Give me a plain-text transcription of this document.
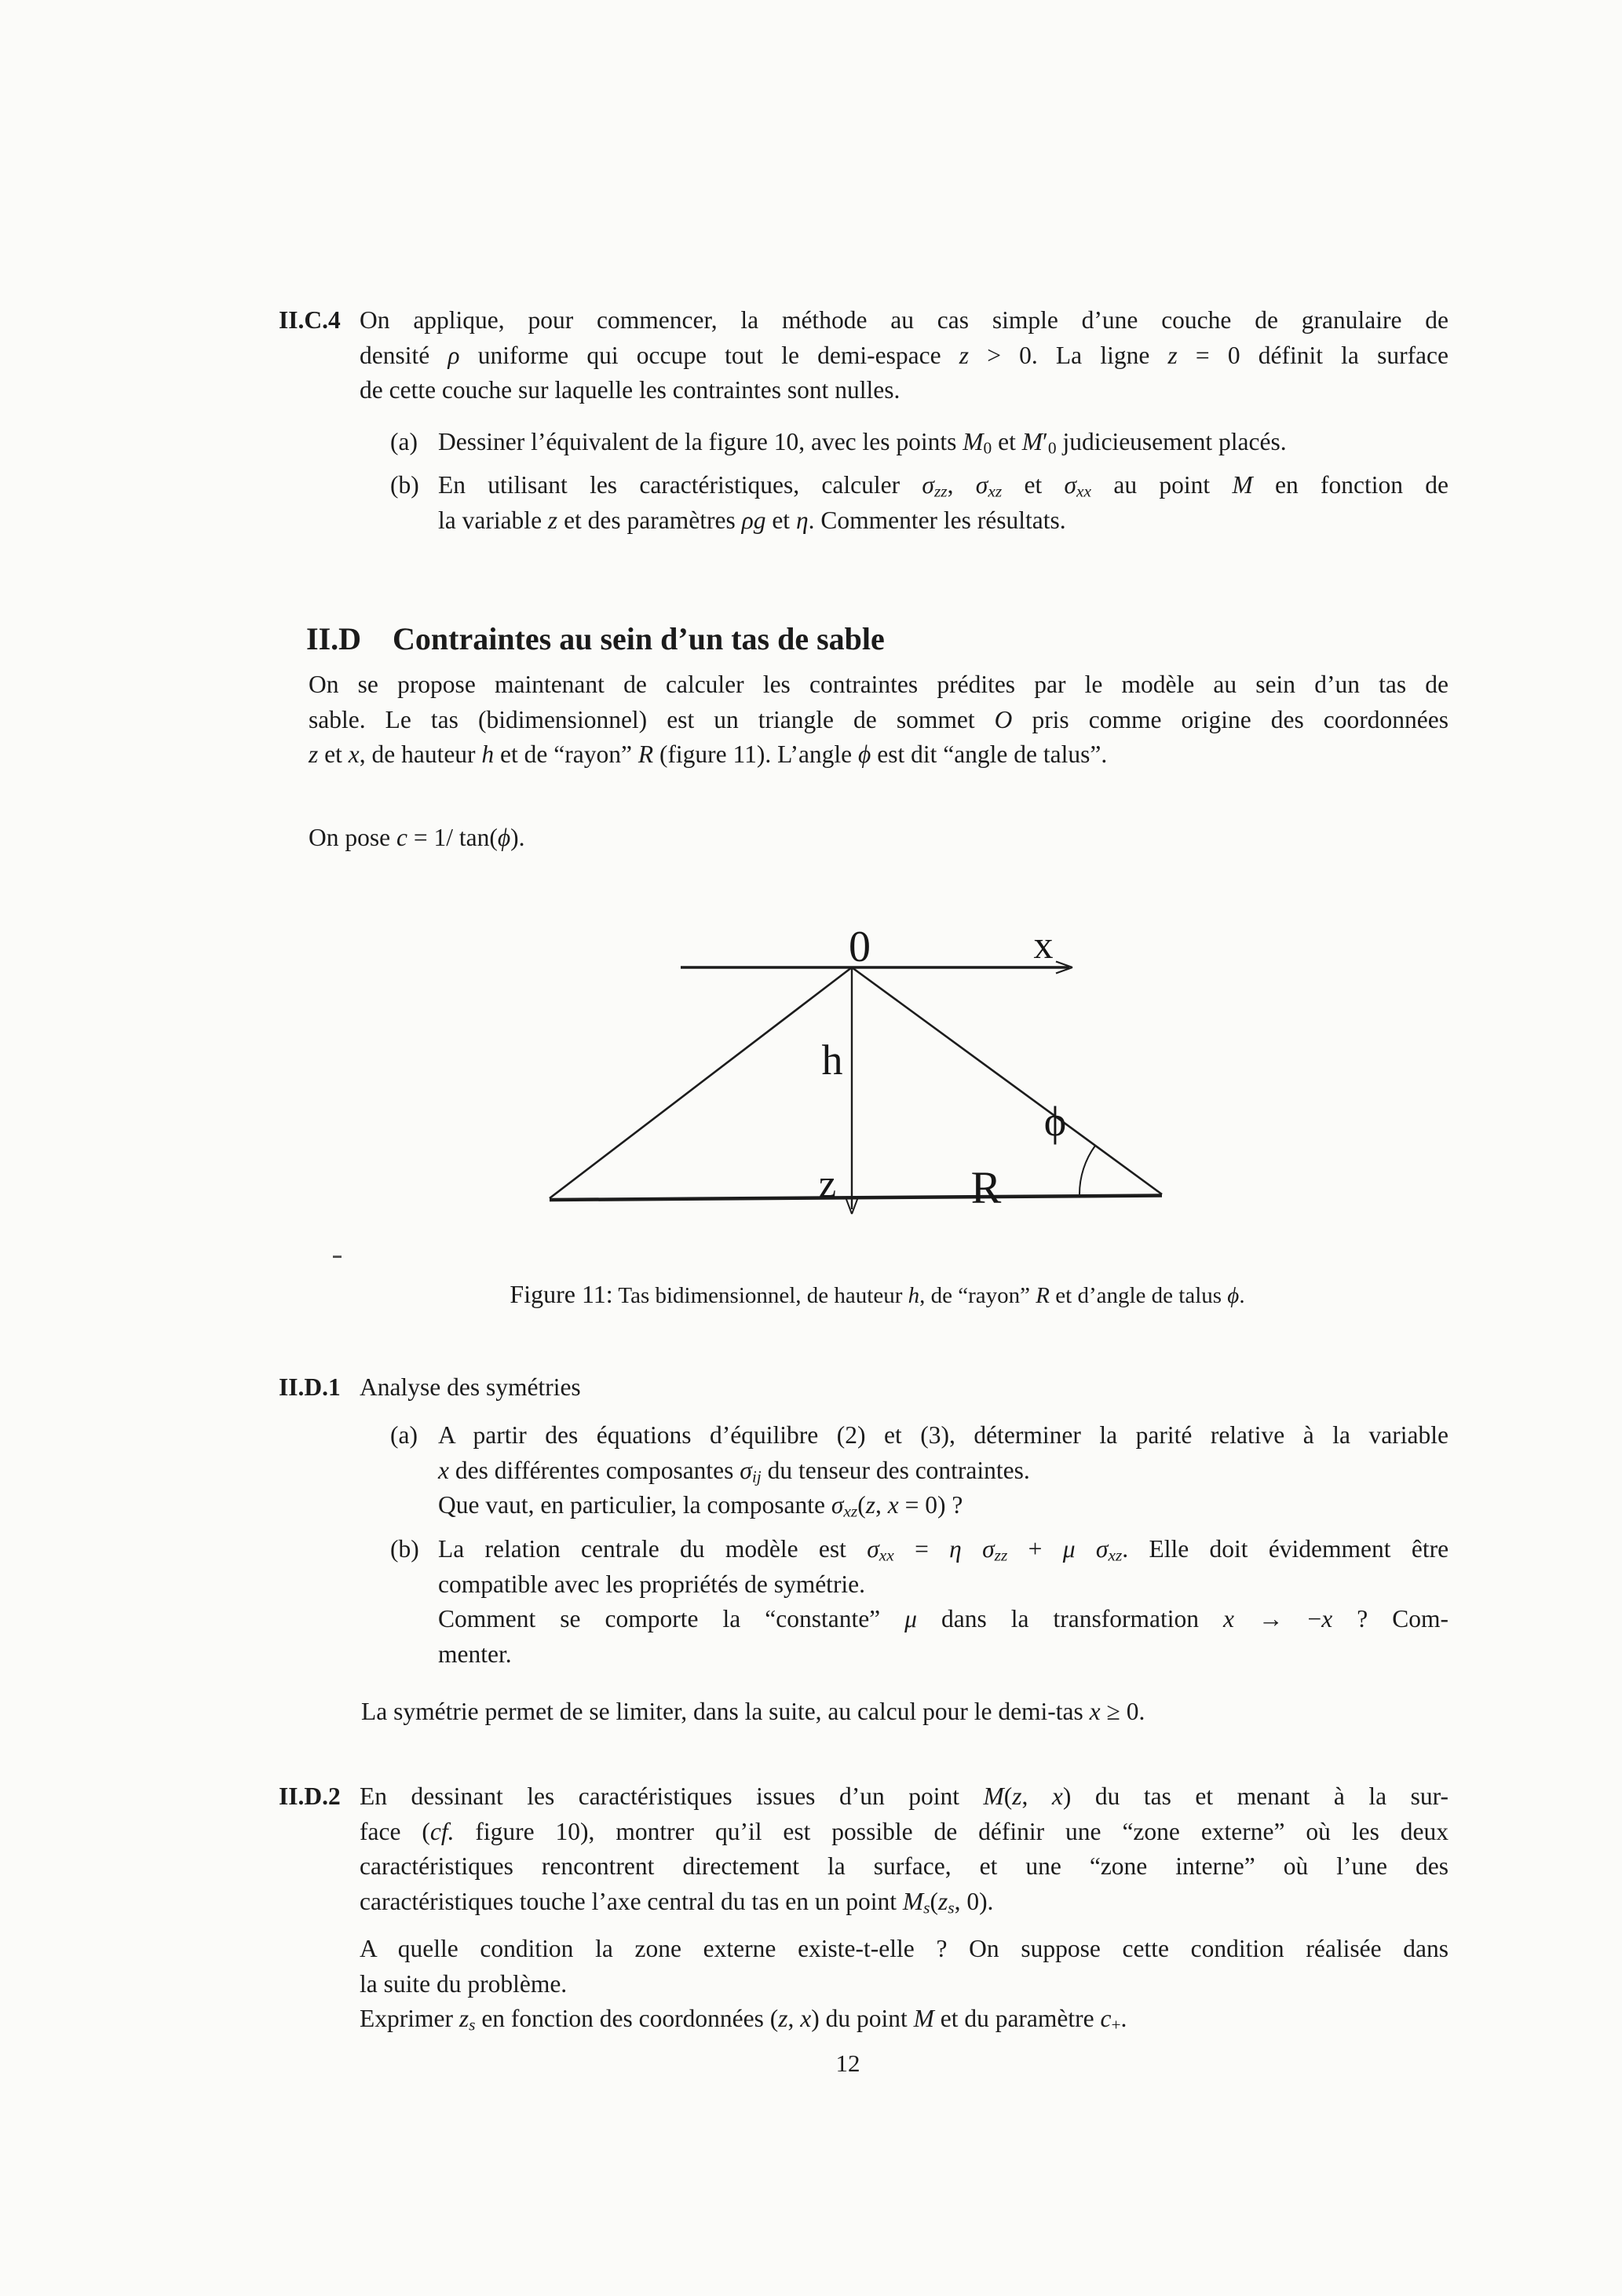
II.C.4 On applique, pour commencer, la méthode au cas simple d’une couche de granulaire de
densité ρ uniforme qui occupe tout le demi-espace z > 0. La ligne z = 0 définit la surface
de cette couche sur laquelle les contraintes sont nulles.
(a) Dessiner l’équivalent de la figure 10, avec les points $M_0$ et $M'_0$ judicieusement placés.
(b) En utilisant les caractéristiques, calculer $\sigma_{zz}$, $\sigma_{xz}$ et $\sigma_{xx}$ au point M en fonction de
la variable z et des paramètres ρg et η. Commenter les résultats.
II.D Contraintes au sein d’un tas de sable
On se propose maintenant de calculer les contraintes prédites par le modèle au sein d’un tas de
sable. Le tas (bidimensionnel) est un triangle de sommet O pris comme origine des coordonnées
z et x, de hauteur h et de “rayon” R (figure 11). L’angle ϕ est dit “angle de talus”.
On pose c = 1/ tan(ϕ).
0	x
h
z	R
ϕ
Figure 11: Tas bidimensionnel, de hauteur h, de “rayon” R et d’angle de talus ϕ.
II.D.1 Analyse des symétries
(a) A partir des équations d’équilibre (2) et (3), déterminer la parité relative à la variable
x des différentes composantes $\sigma_{ij}$ du tenseur des contraintes.
Que vaut, en particulier, la composante $\sigma_{xz}(z$, x = 0) ?
(b) La relation centrale du modèle est $\sigma_{xx} = \eta$ $\sigma_{zz} + \mu$ $\sigma_{xz}$. Elle doit évidemment être
compatible avec les propriétés de symétrie.
Comment se comporte la “constante” μ dans la transformation x → −x ? Com-
menter.
La symétrie permet de se limiter, dans la suite, au calcul pour le demi-tas x ≥ 0.
II.D.2 En dessinant les caractéristiques issues d’un point M(z, x) du tas et menant à la sur-
face (cf. figure 10), montrer qu’il est possible de définir une “zone externe” où les deux
caractéristiques rencontrent directement la surface, et une “zone interne” où l’une des
caractéristiques touche l’axe central du tas en un point $M_s(z_s$, 0).
A quelle condition la zone externe existe-t-elle ? On suppose cette condition réalisée dans
la suite du problème.
Exprimer $z_s$ en fonction des coordonnées (z, x) du point M et du paramètre $c_+$.
12
